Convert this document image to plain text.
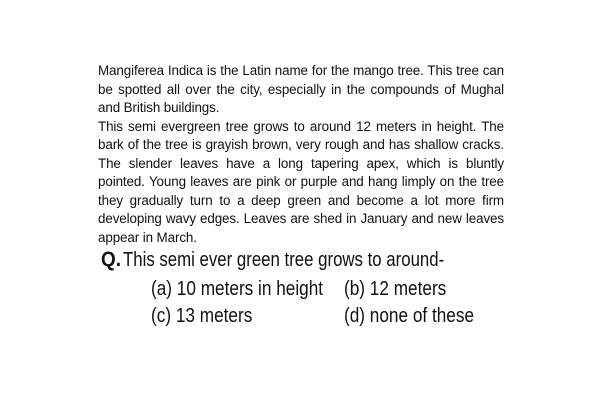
Mangiferea Indica is the Latin name for the mango tree. This tree can be spotted all over the city, especially in the compounds of Mughal and British buildings.

This semi evergreen tree grows to around 12 meters in height. The bark of the tree is grayish brown, very rough and has shallow cracks. The slender leaves have a long tapering apex, which is bluntly pointed. Young leaves are pink or purple and hang limply on the tree they gradually turn to a deep green and become a lot more firm developing wavy edges. Leaves are shed in January and new leaves appear in March.

Q. This semi ever green tree grows to around-
(a) 10 meters in height (b) 12 meters
(c) 13 meters	(d) none of these
